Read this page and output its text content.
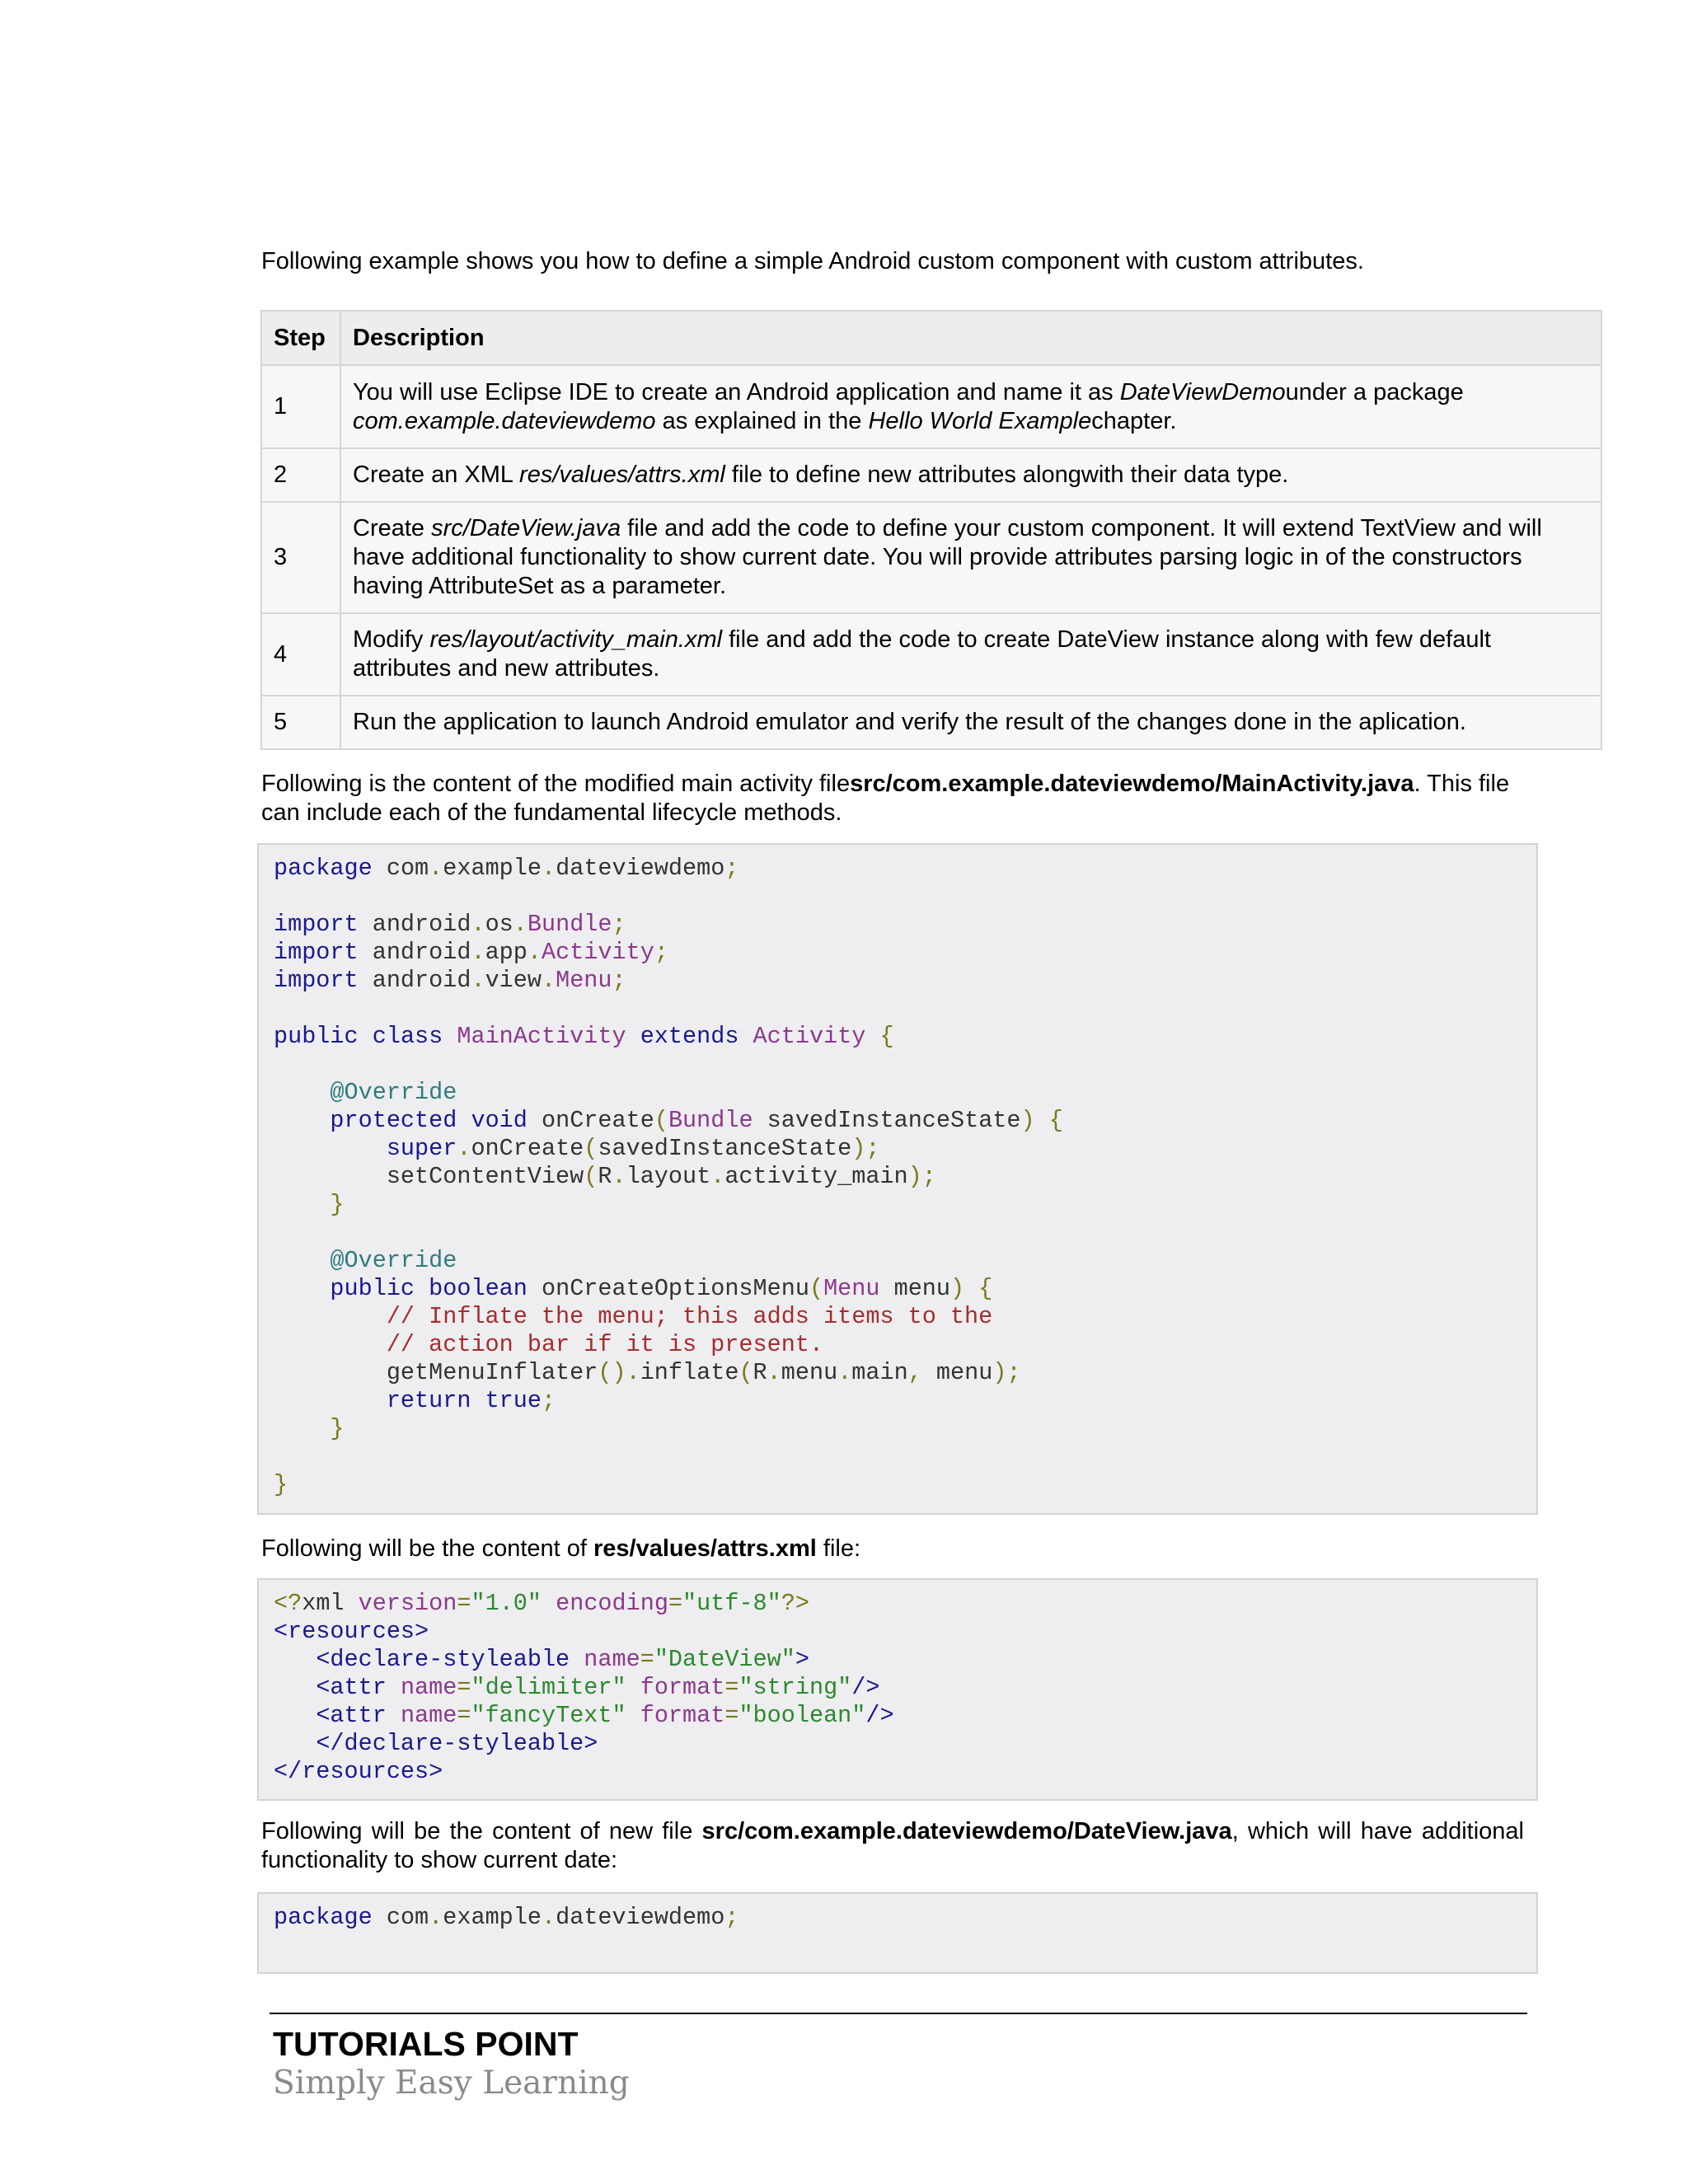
Following example shows you how to define a simple Android custom component with custom attributes.

Step	Description
1	You will use Eclipse IDE to create an Android application and name it as DateViewDemounder a package com.example.dateviewdemo as explained in the Hello World Examplechapter.
2	Create an XML res/values/attrs.xml file to define new attributes alongwith their data type.
3	Create src/DateView.java file and add the code to define your custom component. It will extend TextView and will have additional functionality to show current date. You will provide attributes parsing logic in of the constructors having AttributeSet as a parameter.
4	Modify res/layout/activity_main.xml file and add the code to create DateView instance along with few default attributes and new attributes.
5	Run the application to launch Android emulator and verify the result of the changes done in the aplication.

Following is the content of the modified main activity filesrc/com.example.dateviewdemo/MainActivity.java. This file can include each of the fundamental lifecycle methods.

package com.example.dateviewdemo;

import android.os.Bundle;
import android.app.Activity;
import android.view.Menu;

public class MainActivity extends Activity {

@Override
protected void onCreate(Bundle savedInstanceState) {
super.onCreate(savedInstanceState);
setContentView(R.layout.activity_main);
}

@Override
public boolean onCreateOptionsMenu(Menu menu) {
// Inflate the menu; this adds items to the
// action bar if it is present.
getMenuInflater().inflate(R.menu.main, menu);
return true;
}

}

Following will be the content of res/values/attrs.xml file:

<?xml version="1.0" encoding="utf-8"?>
<resources>
<declare-styleable name="DateView">
<attr name="delimiter" format="string"/>
<attr name="fancyText" format="boolean"/>
</declare-styleable>
</resources>

Following will be the content of new file src/com.example.dateviewdemo/DateView.java, which will have additional functionality to show current date:

package com.example.dateviewdemo;
TUTORIALS POINT
Simply Easy Learning
